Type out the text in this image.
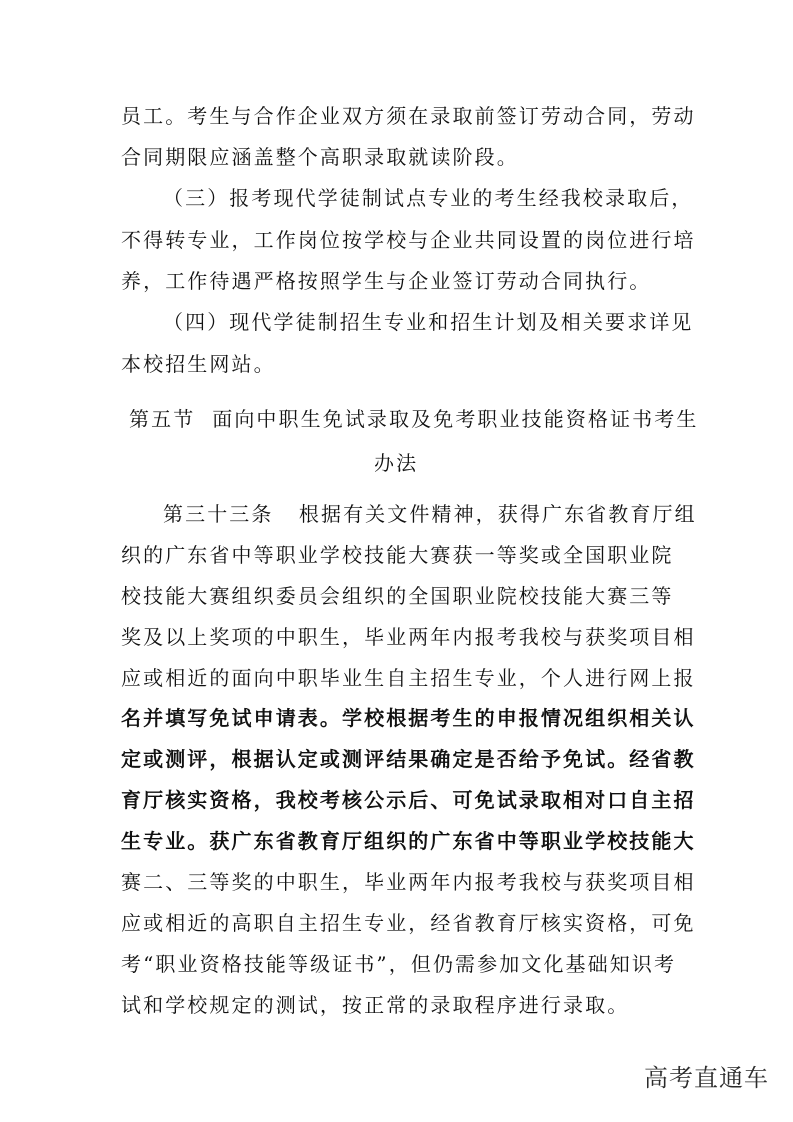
员工。考生与合作企业双方须在录取前签订劳动合同，劳动
合同期限应涵盖整个高职录取就读阶段。
（三）报考现代学徒制试点专业的考生经我校录取后，
不得转专业，工作岗位按学校与企业共同设置的岗位进行培
养，工作待遇严格按照学生与企业签订劳动合同执行。
（四）现代学徒制招生专业和招生计划及相关要求详见
本校招生网站。
第五节  面向中职生免试录取及免考职业技能资格证书考生
办法
第三十三条   根据有关文件精神，获得广东省教育厅组
织的广东省中等职业学校技能大赛获一等奖或全国职业院
校技能大赛组织委员会组织的全国职业院校技能大赛三等
奖及以上奖项的中职生，毕业两年内报考我校与获奖项目相
应或相近的面向中职毕业生自主招生专业，个人进行网上报
名并填写免试申请表。学校根据考生的申报情况组织相关认
定或测评，根据认定或测评结果确定是否给予免试。经省教
育厅核实资格，我校考核公示后、可免试录取相对口自主招
生专业。获广东省教育厅组织的广东省中等职业学校技能大
赛二、三等奖的中职生，毕业两年内报考我校与获奖项目相
应或相近的高职自主招生专业，经省教育厅核实资格，可免
考“职业资格技能等级证书”，但仍需参加文化基础知识考
试和学校规定的测试，按正常的录取程序进行录取。
高考直通车
